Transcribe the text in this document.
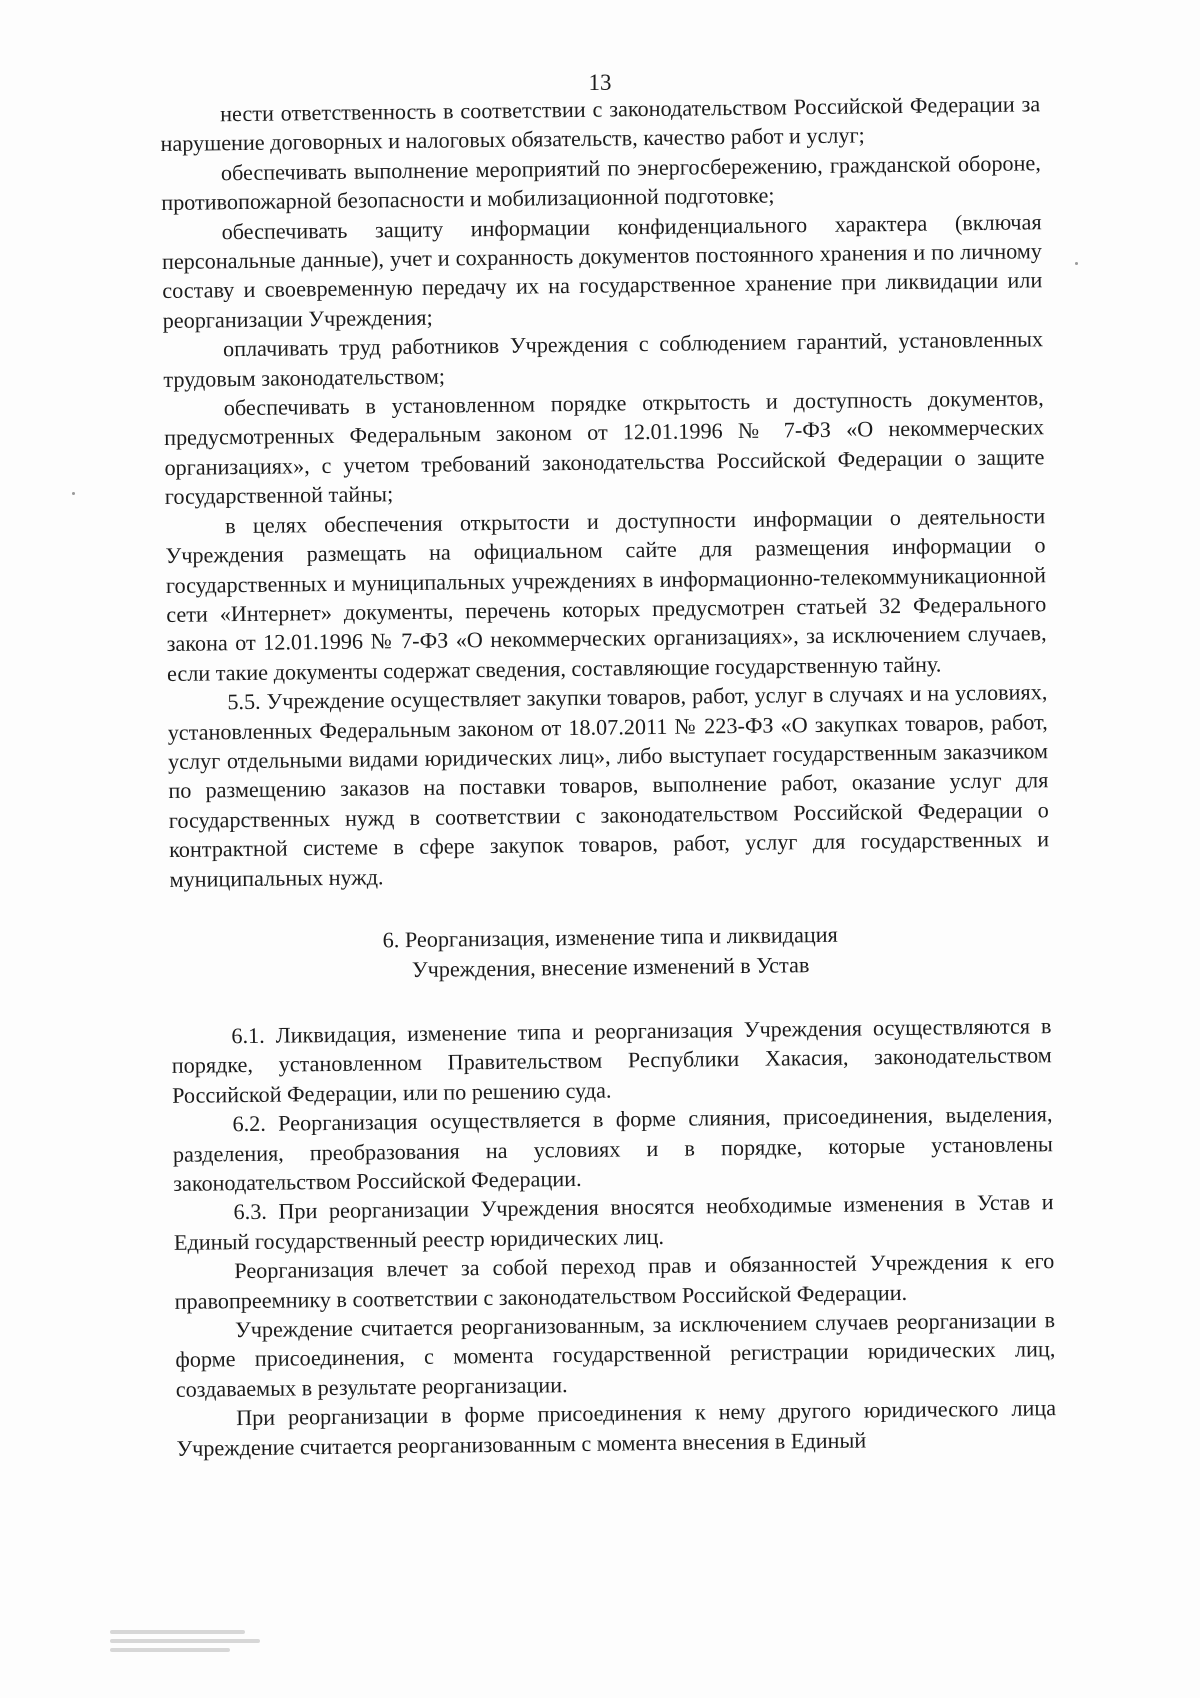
13

нести ответственность в соответствии с законодательством Российской Федерации за нарушение договорных и налоговых обязательств, качество работ и услуг;

обеспечивать выполнение мероприятий по энергосбережению, гражданской обороне, противопожарной безопасности и мобилизационной подготовке;

обеспечивать защиту информации конфиденциального характера (включая персональные данные), учет и сохранность документов постоянного хранения и по личному составу и своевременную передачу их на государственное хранение при ликвидации или реорганизации Учреждения;

оплачивать труд работников Учреждения с соблюдением гарантий, установленных трудовым законодательством;

обеспечивать в установленном порядке открытость и доступность документов, предусмотренных Федеральным законом от 12.01.1996 № 7-ФЗ «О некоммерческих организациях», с учетом требований законодательства Российской Федерации о защите государственной тайны;

в целях обеспечения открытости и доступности информации о деятельности Учреждения размещать на официальном сайте для размещения информации о государственных и муниципальных учреждениях в информационно-телекоммуникационной сети «Интернет» документы, перечень которых предусмотрен статьей 32 Федерального закона от 12.01.1996 № 7-ФЗ «О некоммерческих организациях», за исключением случаев, если такие документы содержат сведения, составляющие государственную тайну.

5.5. Учреждение осуществляет закупки товаров, работ, услуг в случаях и на условиях, установленных Федеральным законом от 18.07.2011 № 223-ФЗ «О закупках товаров, работ, услуг отдельными видами юридических лиц», либо выступает государственным заказчиком по размещению заказов на поставки товаров, выполнение работ, оказание услуг для государственных нужд в соответствии с законодательством Российской Федерации о контрактной системе в сфере закупок товаров, работ, услуг для государственных и муниципальных нужд.

6. Реорганизация, изменение типа и ликвидация
Учреждения, внесение изменений в Устав

6.1. Ликвидация, изменение типа и реорганизация Учреждения осуществляются в порядке, установленном Правительством Республики Хакасия, законодательством Российской Федерации, или по решению суда.

6.2. Реорганизация осуществляется в форме слияния, присоединения, выделения, разделения, преобразования на условиях и в порядке, которые установлены законодательством Российской Федерации.

6.3. При реорганизации Учреждения вносятся необходимые изменения в Устав и Единый государственный реестр юридических лиц.

Реорганизация влечет за собой переход прав и обязанностей Учреждения к его правопреемнику в соответствии с законодательством Российской Федерации.

Учреждение считается реорганизованным, за исключением случаев реорганизации в форме присоединения, с момента государственной регистрации юридических лиц, создаваемых в результате реорганизации.

При реорганизации в форме присоединения к нему другого юридического лица Учреждение считается реорганизованным с момента внесения в Единый
